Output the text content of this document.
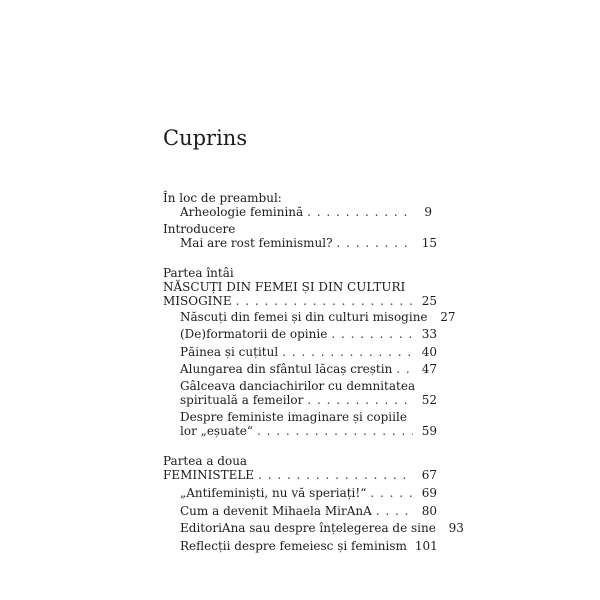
Cuprins
În loc de preambul:
Arheologie feminină . . .	9
Introducere
Mai are rost feminismul? . . .	15
Partea întâi
NĂSCUȚI DIN FEMEI ȘI DIN CULTURI
MISOGINE . . .	25
Născuți din femei și din culturi misogine	27
(De)formatorii de opinie . . .	33
Păinea și cuțitul . . .	40
Alungarea din sfântul lăcaș creștin . . .	47
Gâlceava danciachirilor cu demnitatea
spirituală a femeilor . . .	52
Despre feministe imaginare și copiile
lor „eșuate“ . . .	59
Partea a doua
FEMINISTELE . . .	67
„Antifeminiști, nu vă speriați!“ . . .	69
Cum a devenit Mihaela MirAnA . . .	80
EditoriAna sau despre înțelegerea de sine	93
Reflecții despre femeiesc și feminism 101
